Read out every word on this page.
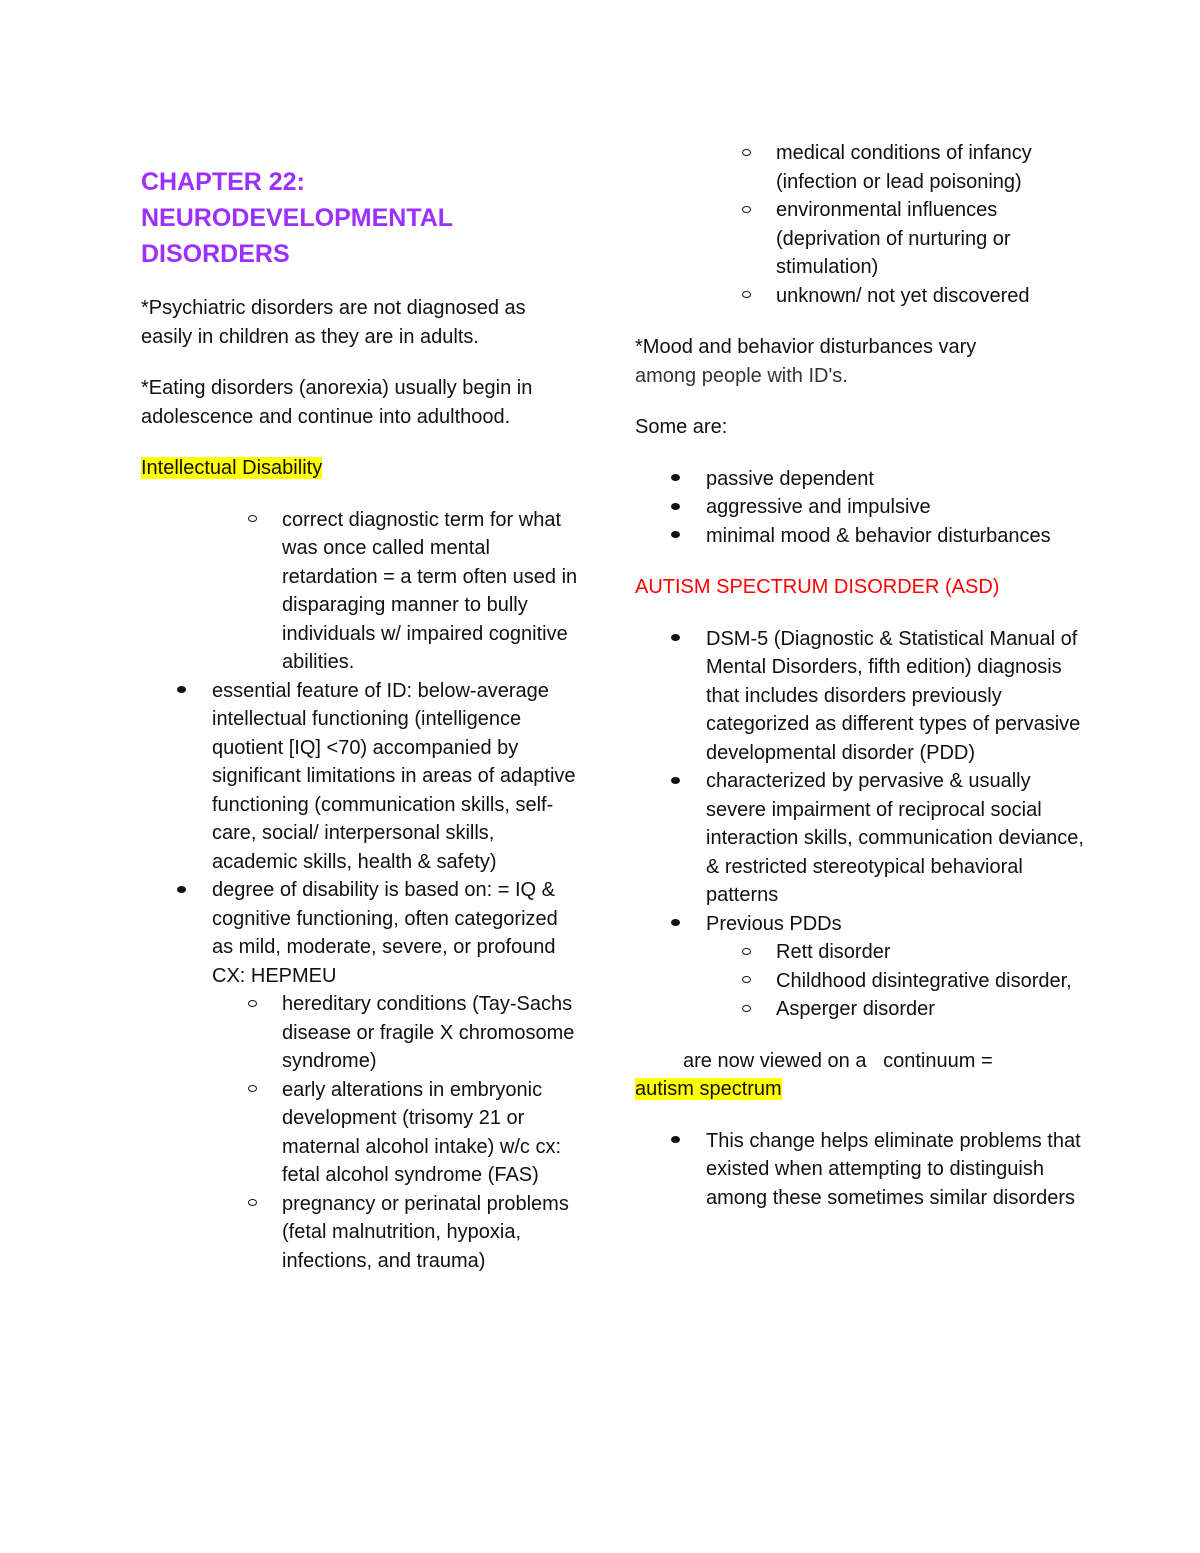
CHAPTER 22:
NEURODEVELOPMENTAL
DISORDERS

*Psychiatric disorders are not diagnosed as easily in children as they are in adults.

*Eating disorders (anorexia) usually begin in adolescence and continue into adulthood.

Intellectual Disability

correct diagnostic term for what was once called mental retardation = a term often used in disparaging manner to bully individuals w/ impaired cognitive abilities.
essential feature of ID: below-average intellectual functioning (intelligence quotient [IQ] <70) accompanied by significant limitations in areas of adaptive functioning (communication skills, self-care, social/ interpersonal skills, academic skills, health & safety)
degree of disability is based on: = IQ & cognitive functioning, often categorized as mild, moderate, severe, or profound CX: HEPMEU
hereditary conditions (Tay-Sachs disease or fragile X chromosome syndrome)
early alterations in embryonic development (trisomy 21 or maternal alcohol intake) w/c cx: fetal alcohol syndrome (FAS)
pregnancy or perinatal problems (fetal malnutrition, hypoxia, infections, and trauma)
medical conditions of infancy (infection or lead poisoning)
environmental influences (deprivation of nurturing or stimulation)
unknown/ not yet discovered

*Mood and behavior disturbances vary
among people with ID's.

Some are:

passive dependent
aggressive and impulsive
minimal mood & behavior disturbances

AUTISM SPECTRUM DISORDER (ASD)

DSM-5 (Diagnostic & Statistical Manual of Mental Disorders, fifth edition) diagnosis that includes disorders previously categorized as different types of pervasive developmental disorder (PDD)
characterized by pervasive & usually severe impairment of reciprocal social interaction skills, communication deviance, & restricted stereotypical behavioral patterns
Previous PDDs
Rett disorder
Childhood disintegrative disorder,
Asperger disorder

are now viewed on a   continuum =
autism spectrum

This change helps eliminate problems that existed when attempting to distinguish among these sometimes similar disorders
